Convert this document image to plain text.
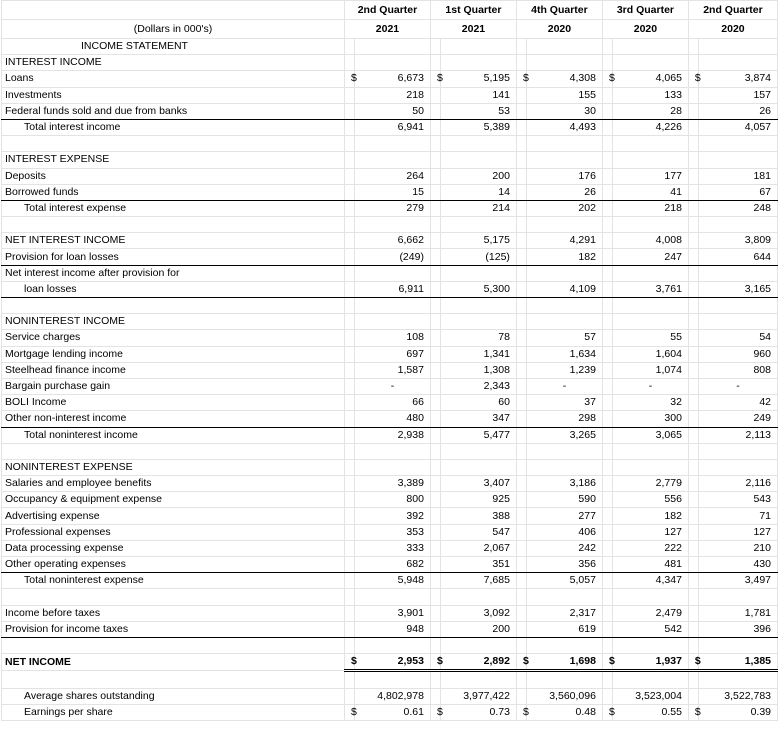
	2nd Quarter		1st Quarter		4th Quarter		3rd Quarter		2nd Quarter	
(Dollars in 000's)	2021		2021		2020		2020		2020	
INCOME STATEMENT										
INTEREST INCOME										
Loans	$	6,673	$	5,195	$	4,308	$	4,065	$	3,874
Investments		218		141		155		133		157
Federal funds sold and due from banks		50		53		30		28		26
Total interest income		6,941		5,389		4,493		4,226		4,057

INTEREST EXPENSE										
Deposits		264		200		176		177		181
Borrowed funds		15		14		26		41		67
Total interest expense		279		214		202		218		248

NET INTEREST INCOME		6,662		5,175		4,291		4,008		3,809
Provision for loan losses		(249)		(125)		182		247		644
Net interest income after provision for										
loan losses		6,911		5,300		4,109		3,761		3,165

NONINTEREST INCOME										
Service charges		108		78		57		55		54
Mortgage lending income		697		1,341		1,634		1,604		960
Steelhead finance income		1,587		1,308		1,239		1,074		808
Bargain purchase gain		-		2,343		-		-		-
BOLI Income		66		60		37		32		42
Other non-interest income		480		347		298		300		249
Total noninterest income		2,938		5,477		3,265		3,065		2,113

NONINTEREST EXPENSE										
Salaries and employee benefits		3,389		3,407		3,186		2,779		2,116
Occupancy & equipment expense		800		925		590		556		543
Advertising expense		392		388		277		182		71
Professional expenses		353		547		406		127		127
Data processing expense		333		2,067		242		222		210
Other operating expenses		682		351		356		481		430
Total noninterest expense		5,948		7,685		5,057		4,347		3,497

Income before taxes		3,901		3,092		2,317		2,479		1,781
Provision for income taxes		948		200		619		542		396

NET INCOME	$	2,953	$	2,892	$	1,698	$	1,937	$	1,385

Average shares outstanding		4,802,978		3,977,422		3,560,096		3,523,004		3,522,783
Earnings per share	$	0.61	$	0.73	$	0.48	$	0.55	$	0.39
